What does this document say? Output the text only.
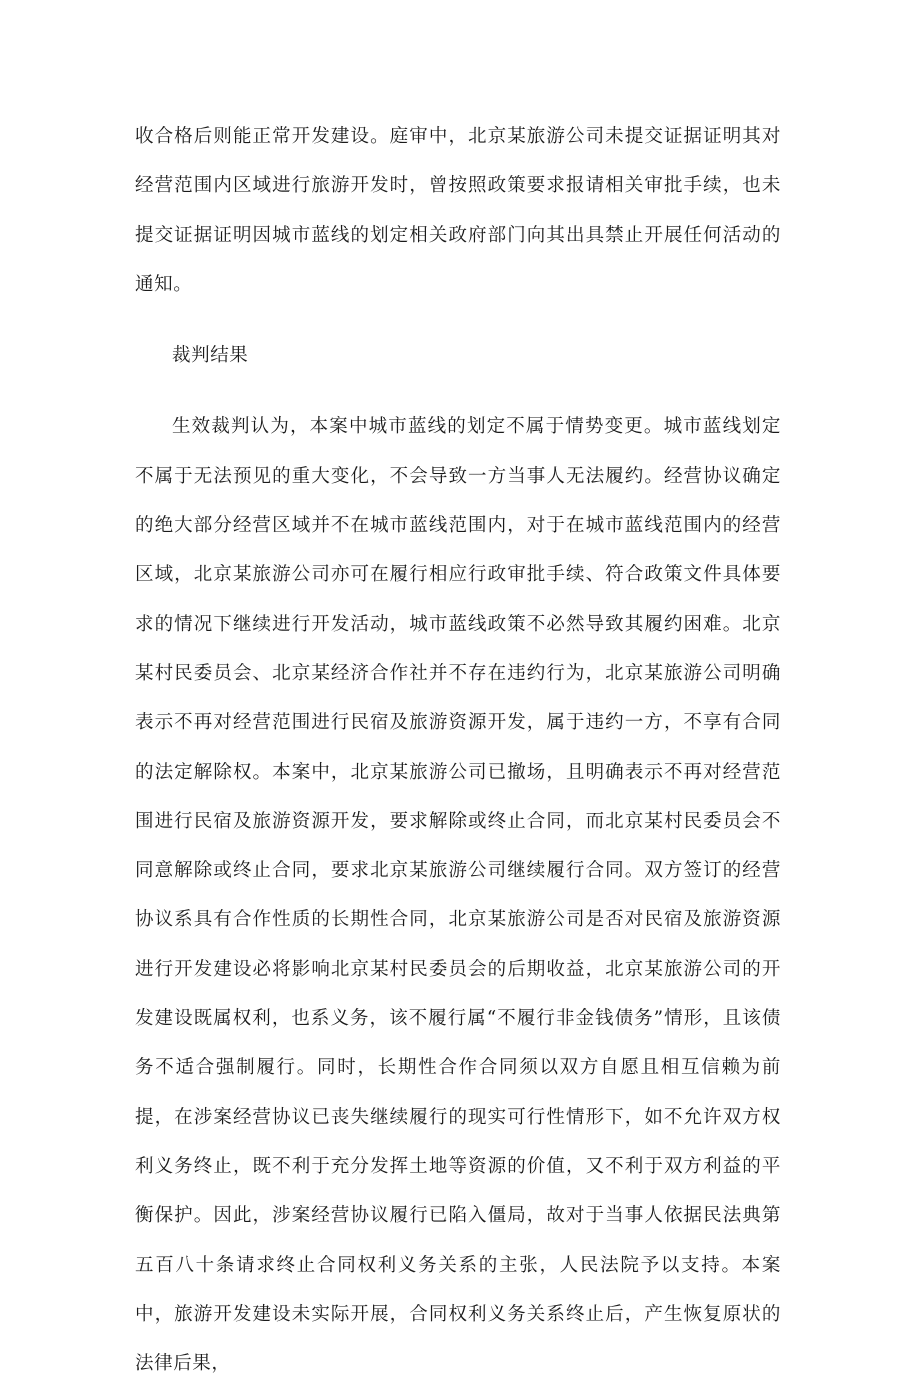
收合格后则能正常开发建设。庭审中，北京某旅游公司未提交证据证明其对经营范围内区域进行旅游开发时，曾按照政策要求报请相关审批手续，也未提交证据证明因城市蓝线的划定相关政府部门向其出具禁止开展任何活动的通知。

裁判结果

生效裁判认为，本案中城市蓝线的划定不属于情势变更。城市蓝线划定不属于无法预见的重大变化，不会导致一方当事人无法履约。经营协议确定的绝大部分经营区域并不在城市蓝线范围内，对于在城市蓝线范围内的经营区域，北京某旅游公司亦可在履行相应行政审批手续、符合政策文件具体要求的情况下继续进行开发活动，城市蓝线政策不必然导致其履约困难。北京某村民委员会、北京某经济合作社并不存在违约行为，北京某旅游公司明确表示不再对经营范围进行民宿及旅游资源开发，属于违约一方，不享有合同的法定解除权。本案中，北京某旅游公司已撤场，且明确表示不再对经营范围进行民宿及旅游资源开发，要求解除或终止合同，而北京某村民委员会不同意解除或终止合同，要求北京某旅游公司继续履行合同。双方签订的经营协议系具有合作性质的长期性合同，北京某旅游公司是否对民宿及旅游资源进行开发建设必将影响北京某村民委员会的后期收益，北京某旅游公司的开发建设既属权利，也系义务，该不履行属“不履行非金钱债务”情形，且该债务不适合强制履行。同时，长期性合作合同须以双方自愿且相互信赖为前提，在涉案经营协议已丧失继续履行的现实可行性情形下，如不允许双方权利义务终止，既不利于充分发挥土地等资源的价值，又不利于双方利益的平衡保护。因此，涉案经营协议履行已陷入僵局，故对于当事人依据民法典第五百八十条请求终止合同权利义务关系的主张，人民法院予以支持。本案中，旅游开发建设未实际开展，合同权利义务关系终止后，产生恢复原状的法律后果，
